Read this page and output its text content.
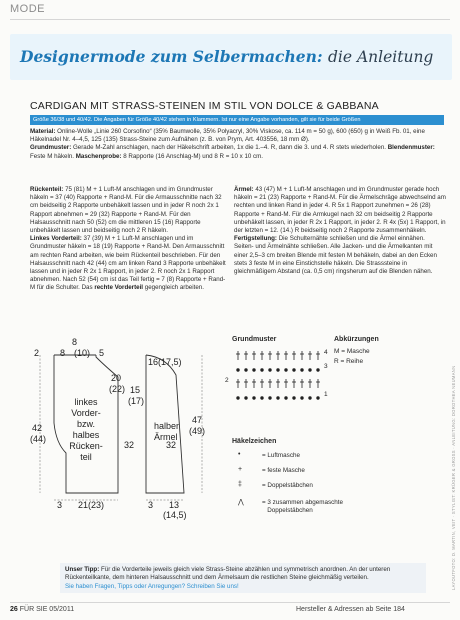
MODE
Designermode zum Selbermachen: die Anleitung
CARDIGAN MIT STRASS-STEINEN IM STIL VON DOLCE & GABBANA
Größe 36/38 und 40/42. Die Angaben für Größe 40/42 stehen in Klammern. Ist nur eine Angabe vorhanden, gilt sie für beide Größen
Material: Online-Wolle „Linie 260 Corsofino“ (35% Baumwolle, 35% Polyacryl, 30% Viskose, ca. 114 m = 50 g), 600 (650) g in Weiß Fb. 01, eine Häkelnadel Nr. 4–4,5, 125 (135) Strass-Steine zum Aufnähen (z. B. von Prym, Art. 403556, 18 mm Ø).
Grundmuster: Gerade M-Zahl anschlagen, nach der Häkelschrift arbeiten, 1x die 1.–4. R, dann die 3. und 4. R stets wiederholen. Blendenmuster: Feste M häkeln. Maschenprobe: 8 Rapporte (16 Anschlag-M) und 8 R = 10 x 10 cm.
Rückenteil: 75 (81) M + 1 Luft-M anschlagen und im Grundmuster häkeln = 37 (40) Rapporte + Rand-M. Für die Armausschnitte nach 32 cm beidseitig 2 Rapporte unbehäkelt lassen und in jeder R noch 2x 1 Rapport abnehmen = 29 (32) Rapporte + Rand-M. Für den Halsausschnitt nach 50 (52) cm die mittleren 15 (16) Rapporte unbehäkelt lassen und beidseitig noch 2 R häkeln.
Linkes Vorderteil: 37 (39) M + 1 Luft-M anschlagen und im Grundmuster häkeln = 18 (19) Rapporte + Rand-M. Den Armausschnitt am rechten Rand arbeiten, wie beim Rückenteil beschrieben. Für den Halsausschnitt nach 42 (44) cm am linken Rand 3 Rapporte unbehäkelt lassen und in jeder R 2x 1 Rapport, in jeder 2. R noch 2x 1 Rapport abnehmen. Nach 52 (54) cm ist das Teil fertig = 7 (8) Rapporte + Rand-M für die Schulter. Das rechte Vorderteil gegengleich arbeiten.
Ärmel: 43 (47) M + 1 Luft-M anschlagen und im Grundmuster gerade hoch häkeln = 21 (23) Rapporte + Rand-M. Für die Ärmelschräge abwechselnd am rechten und linken Rand in jeder 4. R 5x 1 Rapport zunehmen = 26 (28) Rapporte + Rand-M. Für die Armkugel nach 32 cm beidseitig 2 Rapporte unbehäkelt lassen, in jeder R 2x 1 Rapport, in jeder 2. R 4x (5x) 1 Rapport, in der letzten = 12. (14.) R beidseitig noch 2 Rapporte zusammenhäkeln.
Fertigstellung: Die Schulternähte schließen und die Ärmel einnähen. Seiten- und Ärmelnähte schließen. Alle Jacken- und die Ärmelkanten mit einer 2,5–3 cm breiten Blende mit festen M behäkeln, dabei an den Ecken stets 3 feste M in eine Einstichstelle häkeln. Die Strasssteine in gleichmäßigem Abstand (ca. 0,5 cm) ringsherum auf die Blenden nähen.
8
2 8 (10) 5
20
(22)
42
(44)
linkes
Vorder-
bzw.
halbes
Rücken-
teil
32
3 21(23)
16(17,5)
15
(17)
halber
Ärmel
47
(49)
32
3 13
(14,5)
Grundmuster
4
3
2
1
Abkürzungen
M = Masche
R = Reihe
Häkelzeichen
•	= Luftmasche
+	= feste Masche
‡	= Doppelstäbchen
⋀	= 3 zusammen abgemaschte
Doppelstäbchen	LAYOUTFOTO: D. MARTIN, VEIT · STYLIST: KRÜGER & GROSS · ANLEITUNG: DOROTHEA NEUMANN
Unser Tipp: Für die Vorderteile jeweils gleich viele Strass-Steine abzählen und symmetrisch anordnen. An der unteren Rückenteilkante, dem hinteren Halsausschnitt und dem Ärmelsaum die restlichen Steine gleichmäßig verteilen.
Sie haben Fragen, Tipps oder Anregungen? Schreiben Sie uns!
26 FÜR SIE 05/2011	Hersteller & Adressen ab Seite 184
